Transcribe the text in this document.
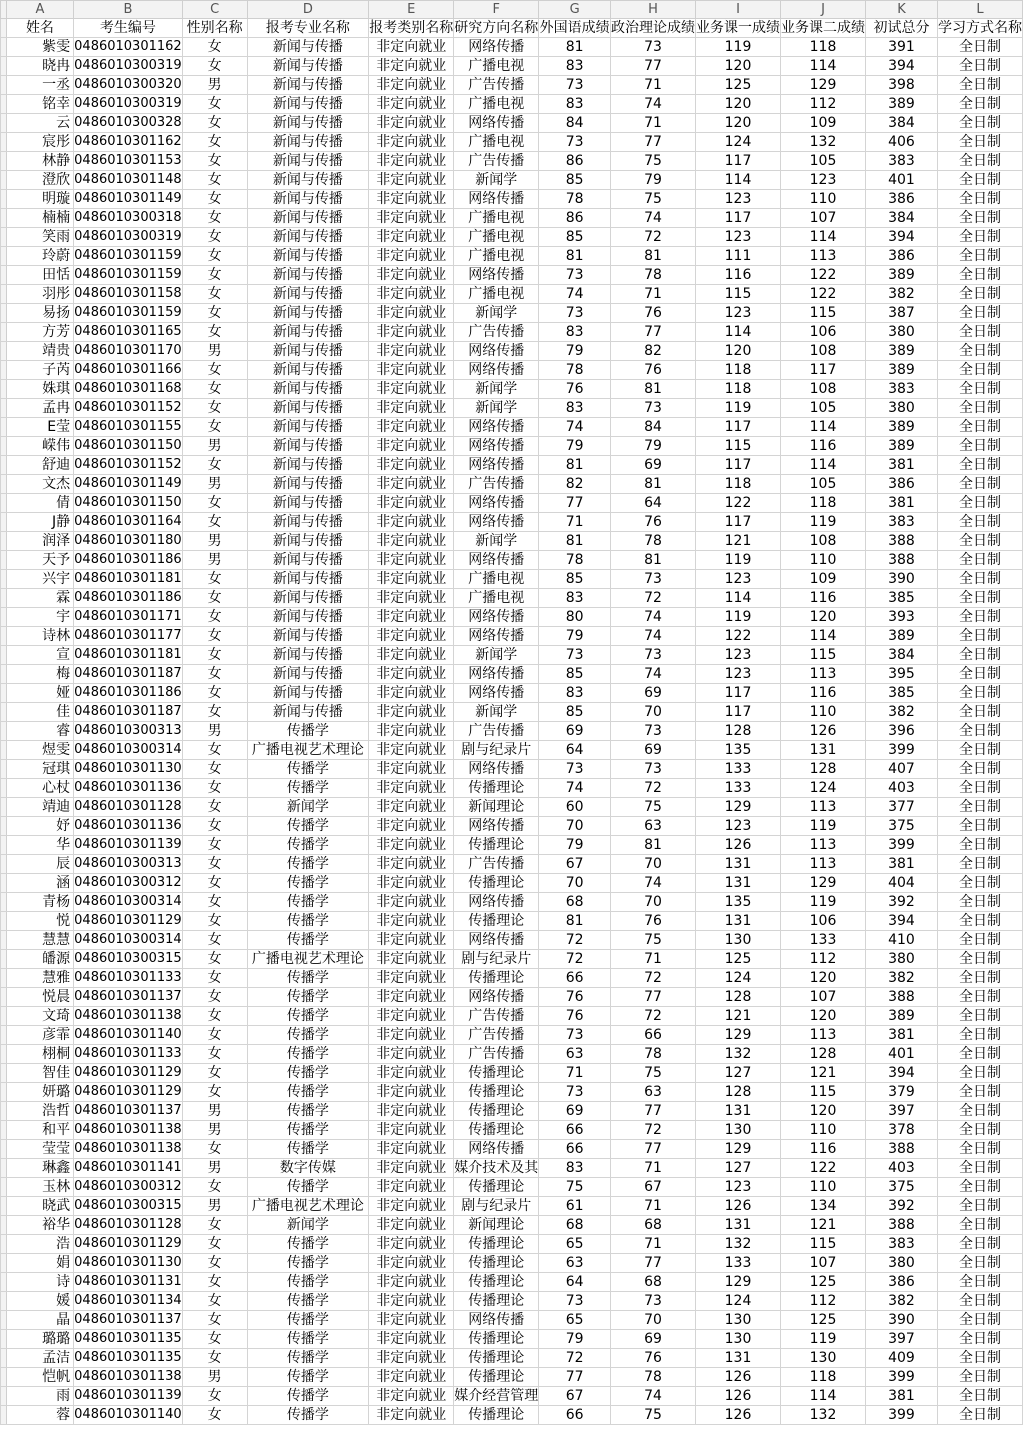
	A	B	C	D	E	F	G	H	I	J	K	L
	姓名	考生编号	性别名称	报考专业名称	报考类别名称	研究方向名称	外国语成绩	政治理论成绩	业务课一成绩	业务课二成绩	初试总分	学习方式名称
	紫雯	0486010301162	女	新闻与传播	非定向就业	网络传播	81	73	119	118	391	全日制
	晓冉	0486010300319	女	新闻与传播	非定向就业	广播电视	83	77	120	114	394	全日制
	一丞	0486010300320	男	新闻与传播	非定向就业	广告传播	73	71	125	129	398	全日制
	铭幸	0486010300319	女	新闻与传播	非定向就业	广播电视	83	74	120	112	389	全日制
	云	0486010300328	女	新闻与传播	非定向就业	网络传播	84	71	120	109	384	全日制
	宸彤	0486010301162	女	新闻与传播	非定向就业	广播电视	73	77	124	132	406	全日制
	林静	0486010301153	女	新闻与传播	非定向就业	广告传播	86	75	117	105	383	全日制
	澄欣	0486010301148	女	新闻与传播	非定向就业	新闻学	85	79	114	123	401	全日制
	明璇	0486010301149	女	新闻与传播	非定向就业	网络传播	78	75	123	110	386	全日制
	楠楠	0486010300318	女	新闻与传播	非定向就业	广播电视	86	74	117	107	384	全日制
	笑雨	0486010300319	女	新闻与传播	非定向就业	广播电视	85	72	123	114	394	全日制
	玲蔚	0486010301159	女	新闻与传播	非定向就业	广播电视	81	81	111	113	386	全日制
	田恬	0486010301159	女	新闻与传播	非定向就业	网络传播	73	78	116	122	389	全日制
	羽彤	0486010301158	女	新闻与传播	非定向就业	广播电视	74	71	115	122	382	全日制
	易扬	0486010301159	女	新闻与传播	非定向就业	新闻学	73	76	123	115	387	全日制
	方芳	0486010301165	女	新闻与传播	非定向就业	广告传播	83	77	114	106	380	全日制
	靖贵	0486010301170	男	新闻与传播	非定向就业	网络传播	79	82	120	108	389	全日制
	子芮	0486010301166	女	新闻与传播	非定向就业	网络传播	78	76	118	117	389	全日制
	姝琪	0486010301168	女	新闻与传播	非定向就业	新闻学	76	81	118	108	383	全日制
	孟冉	0486010301152	女	新闻与传播	非定向就业	新闻学	83	73	119	105	380	全日制
	E莹	0486010301155	女	新闻与传播	非定向就业	网络传播	74	84	117	114	389	全日制
	嵘伟	0486010301150	男	新闻与传播	非定向就业	网络传播	79	79	115	116	389	全日制
	舒迪	0486010301152	女	新闻与传播	非定向就业	网络传播	81	69	117	114	381	全日制
	文杰	0486010301149	男	新闻与传播	非定向就业	广告传播	82	81	118	105	386	全日制
	倩	0486010301150	女	新闻与传播	非定向就业	网络传播	77	64	122	118	381	全日制
	J静	0486010301164	女	新闻与传播	非定向就业	网络传播	71	76	117	119	383	全日制
	润泽	0486010301180	男	新闻与传播	非定向就业	新闻学	81	78	121	108	388	全日制
	天予	0486010301186	男	新闻与传播	非定向就业	网络传播	78	81	119	110	388	全日制
	兴宇	0486010301181	女	新闻与传播	非定向就业	广播电视	85	73	123	109	390	全日制
	霖	0486010301186	女	新闻与传播	非定向就业	广播电视	83	72	114	116	385	全日制
	宇	0486010301171	女	新闻与传播	非定向就业	网络传播	80	74	119	120	393	全日制
	诗林	0486010301177	女	新闻与传播	非定向就业	网络传播	79	74	122	114	389	全日制
	宣	0486010301181	女	新闻与传播	非定向就业	新闻学	73	73	123	115	384	全日制
	梅	0486010301187	女	新闻与传播	非定向就业	网络传播	85	74	123	113	395	全日制
	娅	0486010301186	女	新闻与传播	非定向就业	网络传播	83	69	117	116	385	全日制
	佳	0486010301187	女	新闻与传播	非定向就业	新闻学	85	70	117	110	382	全日制
	睿	0486010300313	男	传播学	非定向就业	广告传播	69	73	128	126	396	全日制
	煜雯	0486010300314	女	广播电视艺术理论	非定向就业	剧与纪录片	64	69	135	131	399	全日制
	冠琪	0486010301130	女	传播学	非定向就业	网络传播	73	73	133	128	407	全日制
	心杖	0486010301136	女	传播学	非定向就业	传播理论	74	72	133	124	403	全日制
	靖迪	0486010301128	女	新闻学	非定向就业	新闻理论	60	75	129	113	377	全日制
	妤	0486010301136	女	传播学	非定向就业	网络传播	70	63	123	119	375	全日制
	华	0486010301139	女	传播学	非定向就业	传播理论	79	81	126	113	399	全日制
	辰	0486010300313	女	传播学	非定向就业	广告传播	67	70	131	113	381	全日制
	涵	0486010300312	女	传播学	非定向就业	传播理论	70	74	131	129	404	全日制
	青杨	0486010300314	女	传播学	非定向就业	网络传播	68	70	135	119	392	全日制
	悦	0486010301129	女	传播学	非定向就业	传播理论	81	76	131	106	394	全日制
	慧慧	0486010300314	女	传播学	非定向就业	网络传播	72	75	130	133	410	全日制
	皤源	0486010300315	女	广播电视艺术理论	非定向就业	剧与纪录片	72	71	125	112	380	全日制
	慧雅	0486010301133	女	传播学	非定向就业	传播理论	66	72	124	120	382	全日制
	悦晨	0486010301137	女	传播学	非定向就业	网络传播	76	77	128	107	388	全日制
	文琦	0486010301138	女	传播学	非定向就业	广告传播	76	72	121	120	389	全日制
	彦霏	0486010301140	女	传播学	非定向就业	广告传播	73	66	129	113	381	全日制
	栩桐	0486010301133	女	传播学	非定向就业	广告传播	63	78	132	128	401	全日制
	智佳	0486010301129	女	传播学	非定向就业	传播理论	71	75	127	121	394	全日制
	妍璐	0486010301129	女	传播学	非定向就业	传播理论	73	63	128	115	379	全日制
	浩哲	0486010301137	男	传播学	非定向就业	传播理论	69	77	131	120	397	全日制
	和平	0486010301138	男	传播学	非定向就业	传播理论	66	72	130	110	378	全日制
	莹莹	0486010301138	女	传播学	非定向就业	网络传播	66	77	129	116	388	全日制
	琳鑫	0486010301141	男	数字传媒	非定向就业	媒介技术及其	83	71	127	122	403	全日制
	玉林	0486010300312	女	传播学	非定向就业	传播理论	75	67	123	110	375	全日制
	晓武	0486010300315	男	广播电视艺术理论	非定向就业	剧与纪录片	61	71	126	134	392	全日制
	裕华	0486010301128	女	新闻学	非定向就业	新闻理论	68	68	131	121	388	全日制
	浩	0486010301129	女	传播学	非定向就业	传播理论	65	71	132	115	383	全日制
	娟	0486010301130	女	传播学	非定向就业	传播理论	63	77	133	107	380	全日制
	诗	0486010301131	女	传播学	非定向就业	传播理论	64	68	129	125	386	全日制
	媛	0486010301134	女	传播学	非定向就业	传播理论	73	73	124	112	382	全日制
	晶	0486010301137	女	传播学	非定向就业	网络传播	65	70	130	125	390	全日制
	璐璐	0486010301135	女	传播学	非定向就业	传播理论	79	69	130	119	397	全日制
	孟洁	0486010301135	女	传播学	非定向就业	传播理论	72	76	131	130	409	全日制
	恺帆	0486010301138	男	传播学	非定向就业	传播理论	77	78	126	118	399	全日制
	雨	0486010301139	女	传播学	非定向就业	媒介经营管理	67	74	126	114	381	全日制
	蓉	0486010301140	女	传播学	非定向就业	传播理论	66	75	126	132	399	全日制
